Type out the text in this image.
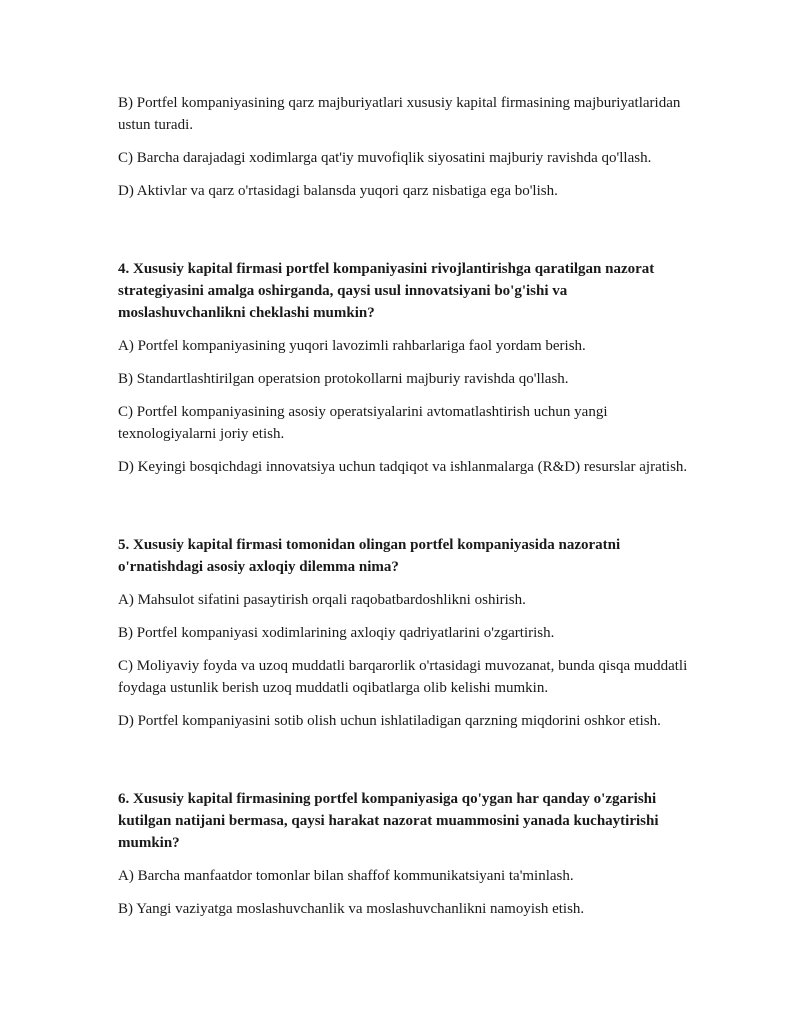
B) Portfel kompaniyasining qarz majburiyatlari xususiy kapital firmasining majburiyatlaridan ustun turadi.

C) Barcha darajadagi xodimlarga qat'iy muvofiqlik siyosatini majburiy ravishda qo'llash.

D) Aktivlar va qarz o'rtasidagi balansda yuqori qarz nisbatiga ega bo'lish.

4. Xususiy kapital firmasi portfel kompaniyasini rivojlantirishga qaratilgan nazorat strategiyasini amalga oshirganda, qaysi usul innovatsiyani bo'g'ishi va moslashuvchanlikni cheklashi mumkin?

A) Portfel kompaniyasining yuqori lavozimli rahbarlariga faol yordam berish.

B) Standartlashtirilgan operatsion protokollarni majburiy ravishda qo'llash.

C) Portfel kompaniyasining asosiy operatsiyalarini avtomatlashtirish uchun yangi texnologiyalarni joriy etish.

D) Keyingi bosqichdagi innovatsiya uchun tadqiqot va ishlanmalarga (R&D) resurslar ajratish.

5. Xususiy kapital firmasi tomonidan olingan portfel kompaniyasida nazoratni o'rnatishdagi asosiy axloqiy dilemma nima?

A) Mahsulot sifatini pasaytirish orqali raqobatbardoshlikni oshirish.

B) Portfel kompaniyasi xodimlarining axloqiy qadriyatlarini o'zgartirish.

C) Moliyaviy foyda va uzoq muddatli barqarorlik o'rtasidagi muvozanat, bunda qisqa muddatli foydaga ustunlik berish uzoq muddatli oqibatlarga olib kelishi mumkin.

D) Portfel kompaniyasini sotib olish uchun ishlatiladigan qarzning miqdorini oshkor etish.

6. Xususiy kapital firmasining portfel kompaniyasiga qo'ygan har qanday o'zgarishi kutilgan natijani bermasa, qaysi harakat nazorat muammosini yanada kuchaytirishi mumkin?

A) Barcha manfaatdor tomonlar bilan shaffof kommunikatsiyani ta'minlash.

B) Yangi vaziyatga moslashuvchanlik va moslashuvchanlikni namoyish etish.
